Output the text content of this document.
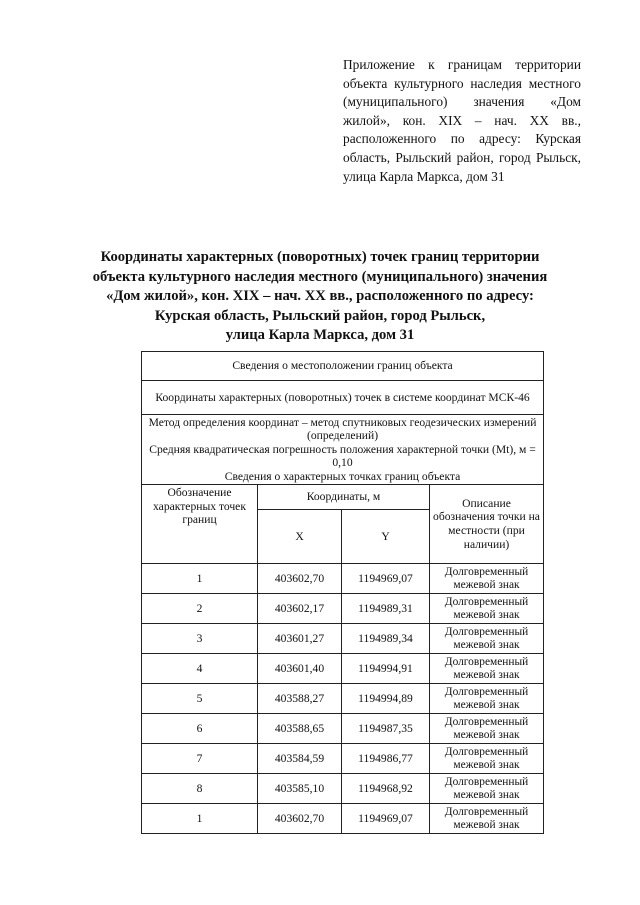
Приложение к границам территории объекта культурного наследия местного (муниципального) значения «Дом жилой», кон. XIX – нач. XX вв., расположенного по адресу: Курская область, Рыльский район, город Рыльск, улица Карла Маркса, дом 31

Координаты характерных (поворотных) точек границ территории
объекта культурного наследия местного (муниципального) значения
«Дом жилой», кон. XIX – нач. XX вв., расположенного по адресу:
Курская область, Рыльский район, город Рыльск,
улица Карла Маркса, дом 31
Сведения о местоположении границ объекта			
Координаты характерных (поворотных) точек в системе координат МСК-46			

Метод определения координат – метод спутниковых геодезических измерений (определений)
Средняя квадратическая погрешность положения характерной точки (Mt), м = 0,10
Сведения о характерных точках границ объекта			

Обозначение характерных точек границ	Координаты, м		Описание обозначения точки на местности (при наличии)
	X	Y	
1	403602,70	1194969,07	Долговременный
межевой знак

2	403602,17	1194989,31	Долговременный
межевой знак

3	403601,27	1194989,34	Долговременный
межевой знак

4	403601,40	1194994,91	Долговременный
межевой знак

5	403588,27	1194994,89	Долговременный
межевой знак

6	403588,65	1194987,35	Долговременный
межевой знак

7	403584,59	1194986,77	Долговременный
межевой знак

8	403585,10	1194968,92	Долговременный
межевой знак

1	403602,70	1194969,07	Долговременный
межевой знак
